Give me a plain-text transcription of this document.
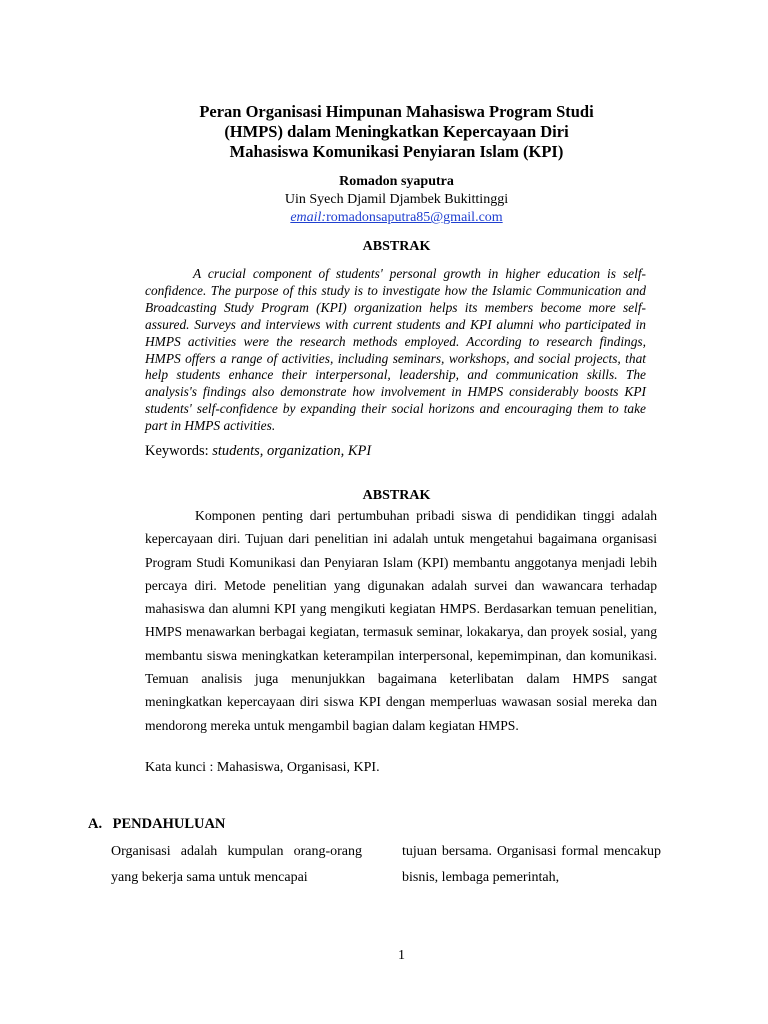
Peran Organisasi Himpunan Mahasiswa Program Studi
(HMPS) dalam Meningkatkan Kepercayaan Diri
Mahasiswa Komunikasi Penyiaran Islam (KPI)
Romadon syaputra
Uin Syech Djamil Djambek Bukittinggi
email:romadonsaputra85@gmail.com
ABSTRAK

A crucial component of students' personal growth in higher education is self-confidence. The purpose of this study is to investigate how the Islamic Communication and Broadcasting Study Program (KPI) organization helps its members become more self-assured. Surveys and interviews with current students and KPI alumni who participated in HMPS activities were the research methods employed. According to research findings, HMPS offers a range of activities, including seminars, workshops, and social projects, that help students enhance their interpersonal, leadership, and communication skills. The analysis's findings also demonstrate how involvement in HMPS considerably boosts KPI students' self-confidence by expanding their social horizons and encouraging them to take part in HMPS activities.

Keywords: students, organization, KPI
ABSTRAK

Komponen penting dari pertumbuhan pribadi siswa di pendidikan tinggi adalah kepercayaan diri. Tujuan dari penelitian ini adalah untuk mengetahui bagaimana organisasi Program Studi Komunikasi dan Penyiaran Islam (KPI) membantu anggotanya menjadi lebih percaya diri. Metode penelitian yang digunakan adalah survei dan wawancara terhadap mahasiswa dan alumni KPI yang mengikuti kegiatan HMPS. Berdasarkan temuan penelitian, HMPS menawarkan berbagai kegiatan, termasuk seminar, lokakarya, dan proyek sosial, yang membantu siswa meningkatkan keterampilan interpersonal, kepemimpinan, dan komunikasi. Temuan analisis juga menunjukkan bagaimana keterlibatan dalam HMPS sangat meningkatkan kepercayaan diri siswa KPI dengan memperluas wawasan sosial mereka dan mendorong mereka untuk mengambil bagian dalam kegiatan HMPS.

Kata kunci : Mahasiswa, Organisasi, KPI.
A. PENDAHULUAN

Organisasi adalah kumpulan orang-orang yang bekerja sama untuk mencapai

tujuan bersama. Organisasi formal mencakup bisnis, lembaga pemerintah,

1
